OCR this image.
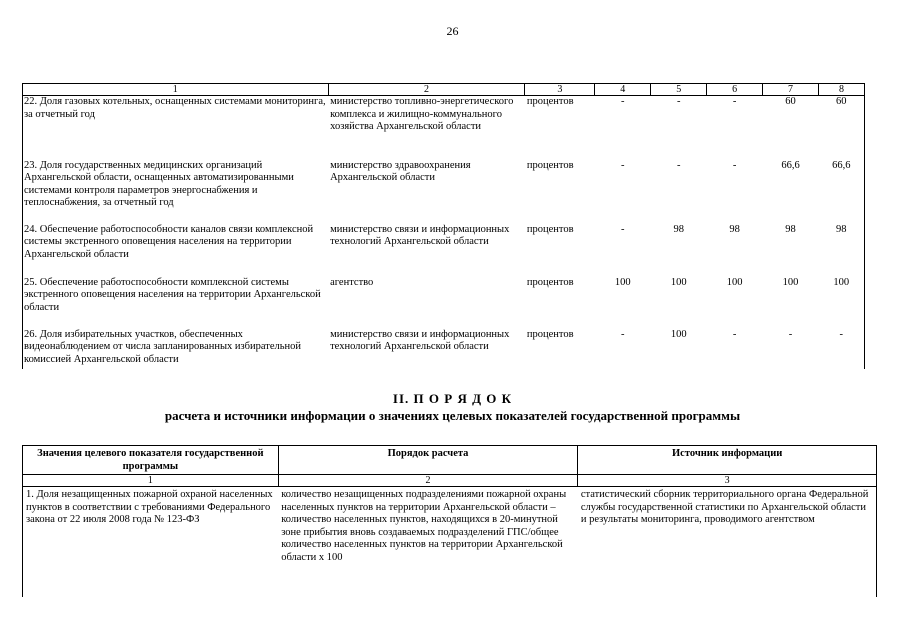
26
1	2	3	4	5	6	7	8
22. Доля газовых котельных, оснащенных системами мониторинга, за отчетный год	министерство топливно-энергетического комплекса и жилищно-коммунального хозяйства Архангельской области	процентов	-	-	-	60	60
23. Доля государственных медицинских организаций Архангельской области, оснащенных автоматизированными системами контроля параметров энергоснабжения и теплоснабжения, за отчетный год	министерство здравоохранения Архангельской области	процентов	-	-	-	66,6	66,6
24. Обеспечение работоспособности каналов связи комплексной системы экстренного оповещения населения на территории Архангельской области	министерство связи и информационных технологий Архангельской области	процентов	-	98	98	98	98
25. Обеспечение работоспособности комплексной системы экстренного оповещения населения на территории Архангельской области	агентство	процентов	100	100	100	100	100
26. Доля избирательных участков, обеспеченных видеонаблюдением от числа запланированных избирательной комиссией Архангельской области	министерство связи и информационных технологий Архангельской области	процентов	-	100	-	-	-
II. П О Р Я Д О К
расчета и источники информации о значениях целевых показателей государственной программы
Значения целевого показателя государственной программы	Порядок расчета	Источник информации
1	2	3
1. Доля незащищенных пожарной охраной населенных пунктов в соответствии с требованиями Федерального закона от 22 июля 2008 года № 123-ФЗ	количество незащищенных подразделениями пожарной охраны населенных пунктов на территории Архангельской области – количество населенных пунктов, находящихся в 20-минутной зоне прибытия вновь создаваемых подразделений ГПС/общее количество населенных пунктов на территории Архангельской области х 100	статистический сборник территориального органа Федеральной службы государственной статистики по Архангельской области и результаты мониторинга, проводимого агентством
